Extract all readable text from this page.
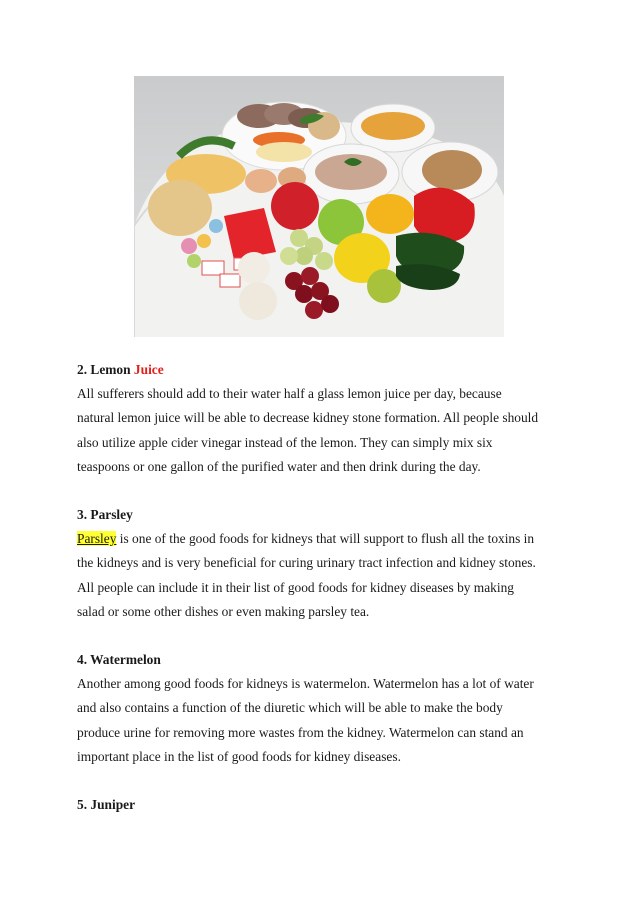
2. Lemon Juice

All sufferers should add to their water half a glass lemon juice per day, because
natural lemon juice will be able to decrease kidney stone formation. All people should
also utilize apple cider vinegar instead of the lemon. They can simply mix six
teaspoons or one gallon of the purified water and then drink during the day.

3. Parsley

Parsley is one of the good foods for kidneys that will support to flush all the toxins in
the kidneys and is very beneficial for curing urinary tract infection and kidney stones.
All people can include it in their list of good foods for kidney diseases by making
salad or some other dishes or even making parsley tea.

4. Watermelon

Another among good foods for kidneys is watermelon. Watermelon has a lot of water
and also contains a function of the diuretic which will be able to make the body
produce urine for removing more wastes from the kidney. Watermelon can stand an
important place in the list of good foods for kidney diseases.

5. Juniper
